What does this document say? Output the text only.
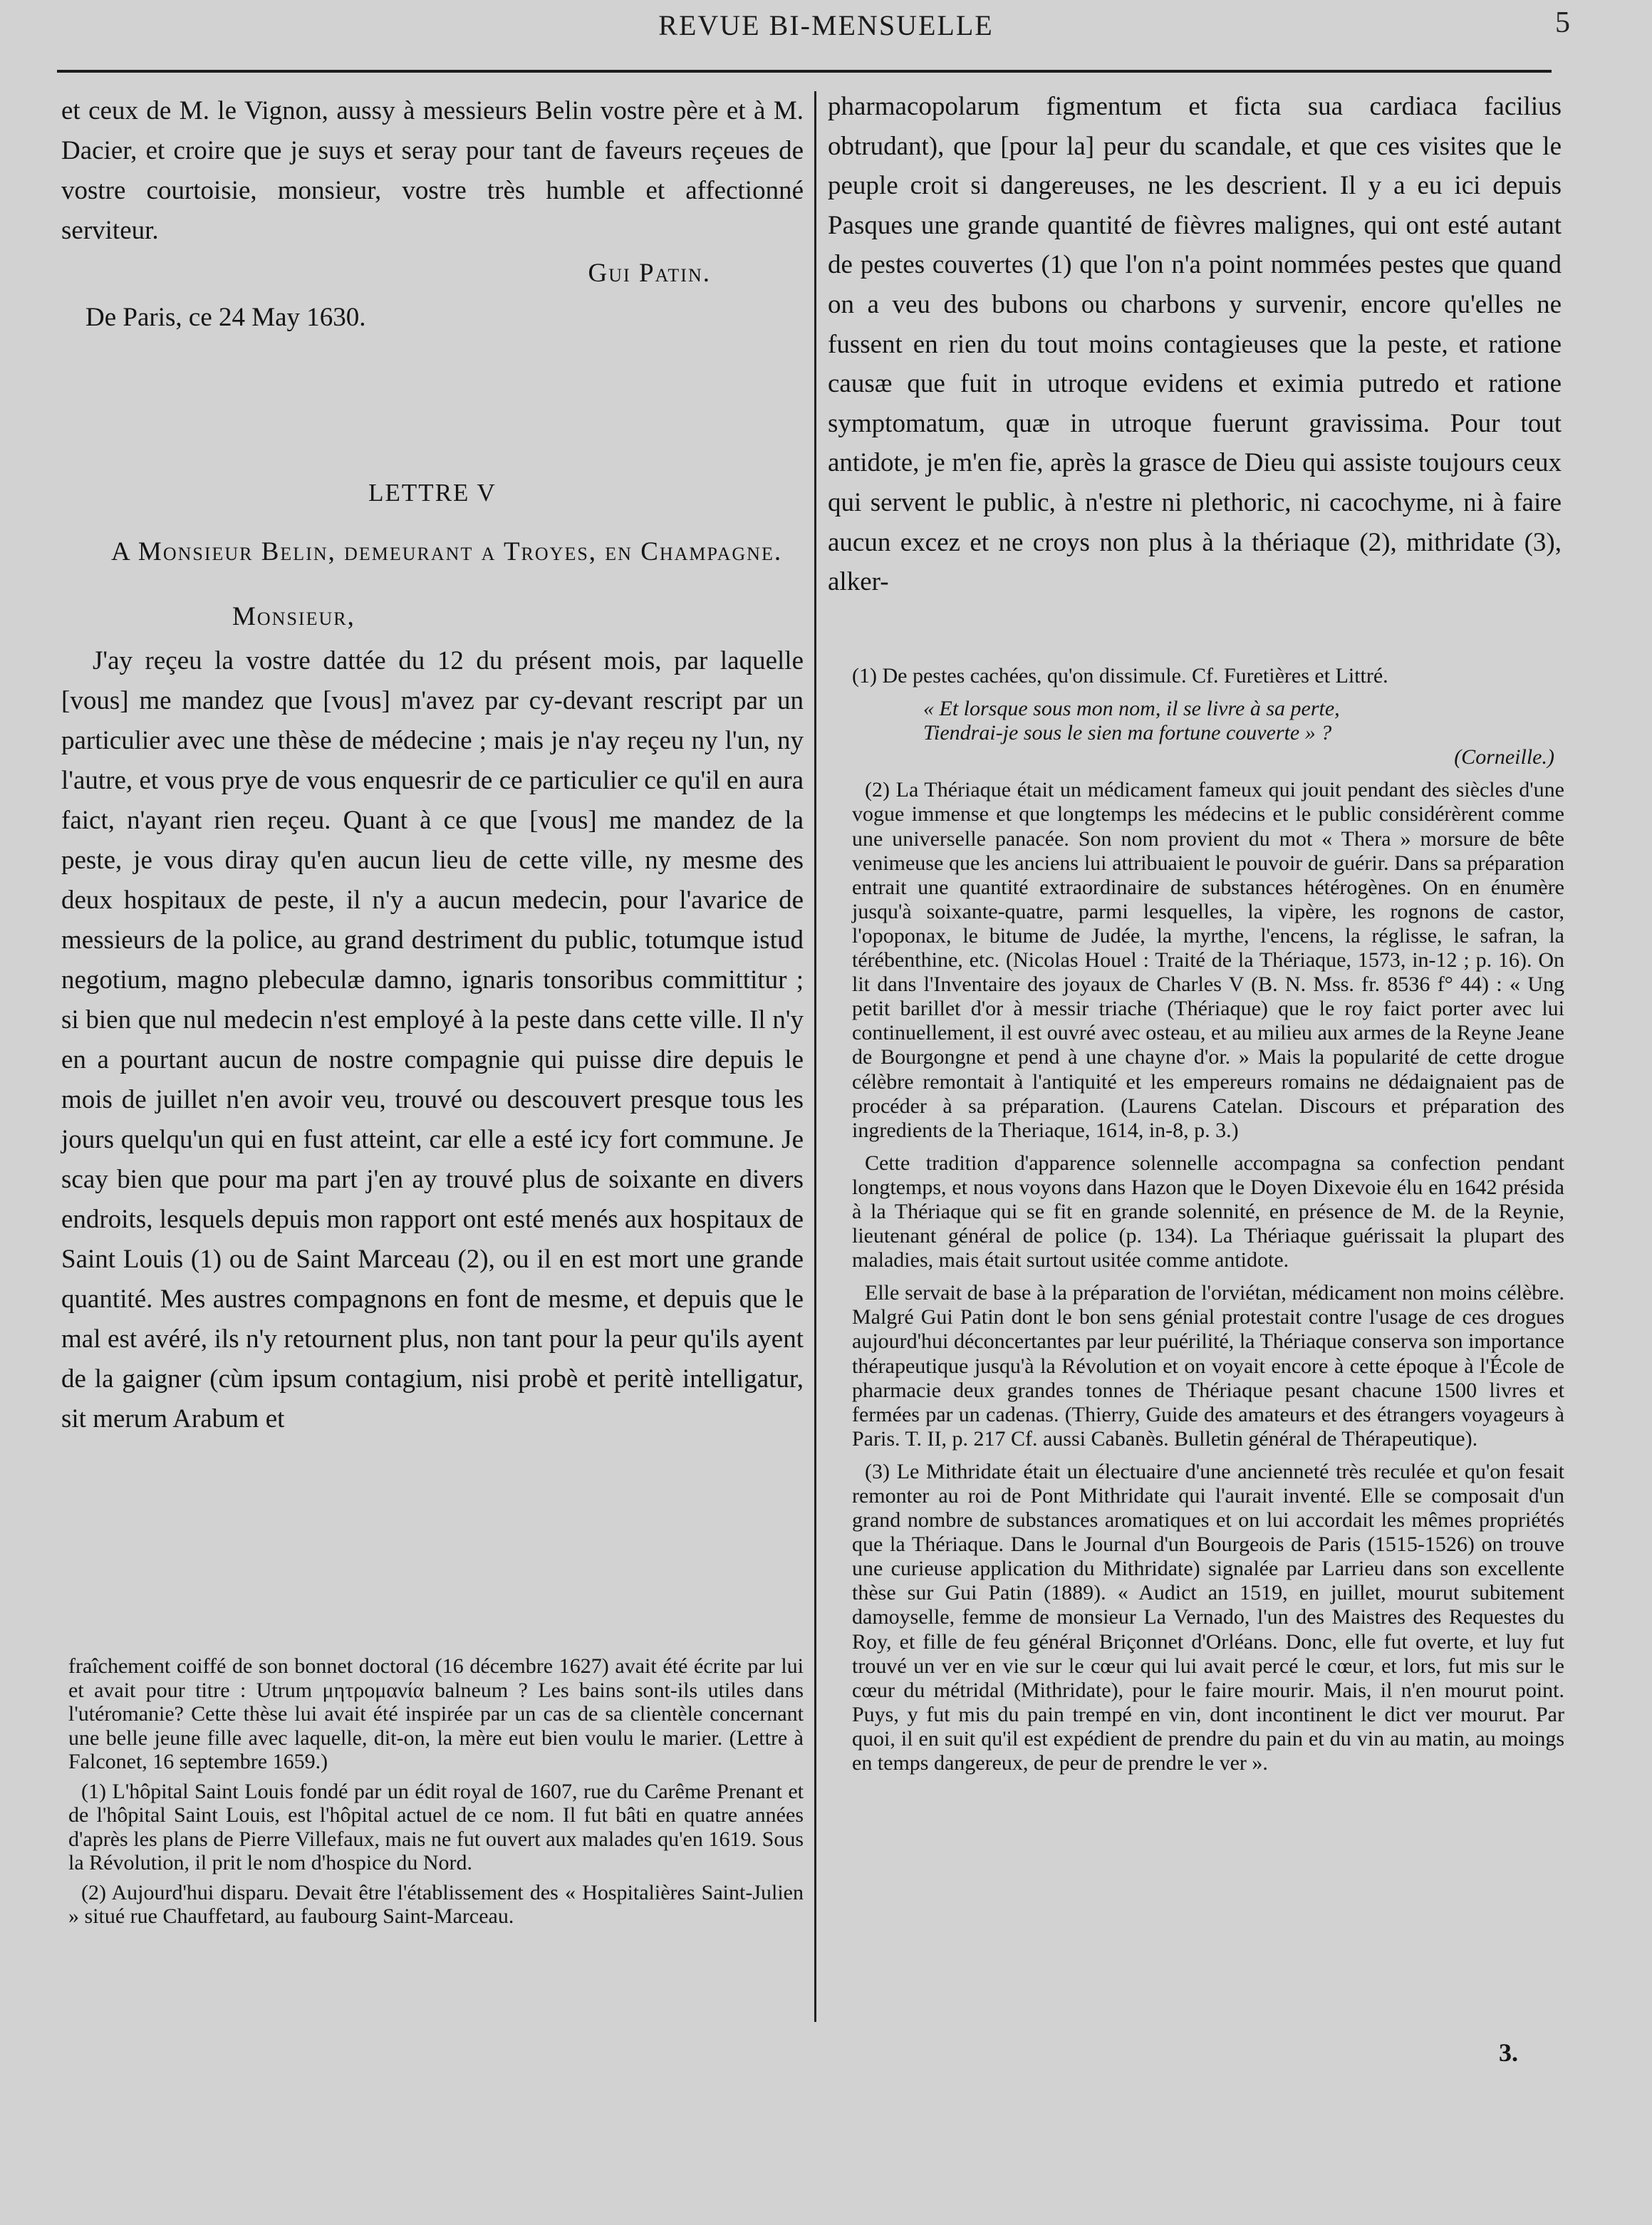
REVUE BI-MENSUELLE	5

et ceux de M. le Vignon, aussy à messieurs Belin vostre père et à M. Dacier, et croire que je suys et seray pour tant de faveurs reçeues de vostre courtoisie, monsieur, vostre très humble et affectionné serviteur.

Gui Patin.

De Paris, ce 24 May 1630.

LETTRE V

A Monsieur Belin, demeurant a Troyes, en Champagne.

Monsieur,

J'ay reçeu la vostre dattée du 12 du présent mois, par laquelle [vous] me mandez que [vous] m'avez par cy-devant rescript par un particulier avec une thèse de médecine ; mais je n'ay reçeu ny l'un, ny l'autre, et vous prye de vous enquesrir de ce particulier ce qu'il en aura faict, n'ayant rien reçeu. Quant à ce que [vous] me mandez de la peste, je vous diray qu'en aucun lieu de cette ville, ny mesme des deux hospitaux de peste, il n'y a aucun medecin, pour l'avarice de messieurs de la police, au grand destriment du public, totumque istud negotium, magno plebeculæ damno, ignaris tonsoribus committitur ; si bien que nul medecin n'est employé à la peste dans cette ville. Il n'y en a pourtant aucun de nostre compagnie qui puisse dire depuis le mois de juillet n'en avoir veu, trouvé ou descouvert presque tous les jours quelqu'un qui en fust atteint, car elle a esté icy fort commune. Je scay bien que pour ma part j'en ay trouvé plus de soixante en divers endroits, lesquels depuis mon rapport ont esté menés aux hospitaux de Saint Louis (1) ou de Saint Marceau (2), ou il en est mort une grande quantité. Mes austres compagnons en font de mesme, et depuis que le mal est avéré, ils n'y retournent plus, non tant pour la peur qu'ils ayent de la gaigner (cùm ipsum contagium, nisi probè et peritè intelligatur, sit merum Arabum et

fraîchement coiffé de son bonnet doctoral (16 décembre 1627) avait été écrite par lui et avait pour titre : Utrum μητρομανία balneum ? Les bains sont-ils utiles dans l'utéromanie? Cette thèse lui avait été inspirée par un cas de sa clientèle concernant une belle jeune fille avec laquelle, dit-on, la mère eut bien voulu le marier. (Lettre à Falconet, 16 septembre 1659.)

(1) L'hôpital Saint Louis fondé par un édit royal de 1607, rue du Carême Prenant et de l'hôpital Saint Louis, est l'hôpital actuel de ce nom. Il fut bâti en quatre années d'après les plans de Pierre Villefaux, mais ne fut ouvert aux malades qu'en 1619. Sous la Révolution, il prit le nom d'hospice du Nord.

(2) Aujourd'hui disparu. Devait être l'établissement des « Hospitalières Saint-Julien » situé rue Chauffetard, au faubourg Saint-Marceau.

pharmacopolarum figmentum et ficta sua cardiaca facilius obtrudant), que [pour la] peur du scandale, et que ces visites que le peuple croit si dangereuses, ne les descrient. Il y a eu ici depuis Pasques une grande quantité de fièvres malignes, qui ont esté autant de pestes couvertes (1) que l'on n'a point nommées pestes que quand on a veu des bubons ou charbons y survenir, encore qu'elles ne fussent en rien du tout moins contagieuses que la peste, et ratione causæ que fuit in utroque evidens et eximia putredo et ratione symptomatum, quæ in utroque fuerunt gravissima. Pour tout antidote, je m'en fie, après la grasce de Dieu qui assiste toujours ceux qui servent le public, à n'estre ni plethoric, ni cacochyme, ni à faire aucun excez et ne croys non plus à la thériaque (2), mithridate (3), alker-

(1) De pestes cachées, qu'on dissimule. Cf. Furetières et Littré.

« Et lorsque sous mon nom, il se livre à sa perte,

Tiendrai-je sous le sien ma fortune couverte » ?

(Corneille.)

(2) La Thériaque était un médicament fameux qui jouit pendant des siècles d'une vogue immense et que longtemps les médecins et le public considérèrent comme une universelle panacée. Son nom provient du mot « Thera » morsure de bête venimeuse que les anciens lui attribuaient le pouvoir de guérir. Dans sa préparation entrait une quantité extraordinaire de substances hétérogènes. On en énumère jusqu'à soixante-quatre, parmi lesquelles, la vipère, les rognons de castor, l'opoponax, le bitume de Judée, la myrthe, l'encens, la réglisse, le safran, la térébenthine, etc. (Nicolas Houel : Traité de la Thériaque, 1573, in-12 ; p. 16). On lit dans l'Inventaire des joyaux de Charles V (B. N. Mss. fr. 8536 f° 44) : « Ung petit barillet d'or à messir triache (Thériaque) que le roy faict porter avec lui continuellement, il est ouvré avec osteau, et au milieu aux armes de la Reyne Jeane de Bourgongne et pend à une chayne d'or. » Mais la popularité de cette drogue célèbre remontait à l'antiquité et les empereurs romains ne dédaignaient pas de procéder à sa préparation. (Laurens Catelan. Discours et préparation des ingredients de la Theriaque, 1614, in-8, p. 3.)

Cette tradition d'apparence solennelle accompagna sa confection pendant longtemps, et nous voyons dans Hazon que le Doyen Dixevoie élu en 1642 présida à la Thériaque qui se fit en grande solennité, en présence de M. de la Reynie, lieutenant général de police (p. 134). La Thériaque guérissait la plupart des maladies, mais était surtout usitée comme antidote.

Elle servait de base à la préparation de l'orviétan, médicament non moins célèbre. Malgré Gui Patin dont le bon sens génial protestait contre l'usage de ces drogues aujourd'hui déconcertantes par leur puérilité, la Thériaque conserva son importance thérapeutique jusqu'à la Révolution et on voyait encore à cette époque à l'École de pharmacie deux grandes tonnes de Thériaque pesant chacune 1500 livres et fermées par un cadenas. (Thierry, Guide des amateurs et des étrangers voyageurs à Paris. T. II, p. 217 Cf. aussi Cabanès. Bulletin général de Thérapeutique).

(3) Le Mithridate était un électuaire d'une ancienneté très reculée et qu'on fesait remonter au roi de Pont Mithridate qui l'aurait inventé. Elle se composait d'un grand nombre de substances aromatiques et on lui accordait les mêmes propriétés que la Thériaque. Dans le Journal d'un Bourgeois de Paris (1515-1526) on trouve une curieuse application du Mithridate) signalée par Larrieu dans son excellente thèse sur Gui Patin (1889). « Audict an 1519, en juillet, mourut subitement damoyselle, femme de monsieur La Vernado, l'un des Maistres des Requestes du Roy, et fille de feu général Briçonnet d'Orléans. Donc, elle fut overte, et luy fut trouvé un ver en vie sur le cœur qui lui avait percé le cœur, et lors, fut mis sur le cœur du métridal (Mithridate), pour le faire mourir. Mais, il n'en mourut point. Puys, y fut mis du pain trempé en vin, dont incontinent le dict ver mourut. Par quoi, il en suit qu'il est expédient de prendre du pain et du vin au matin, au moings en temps dangereux, de peur de prendre le ver ».

3.
